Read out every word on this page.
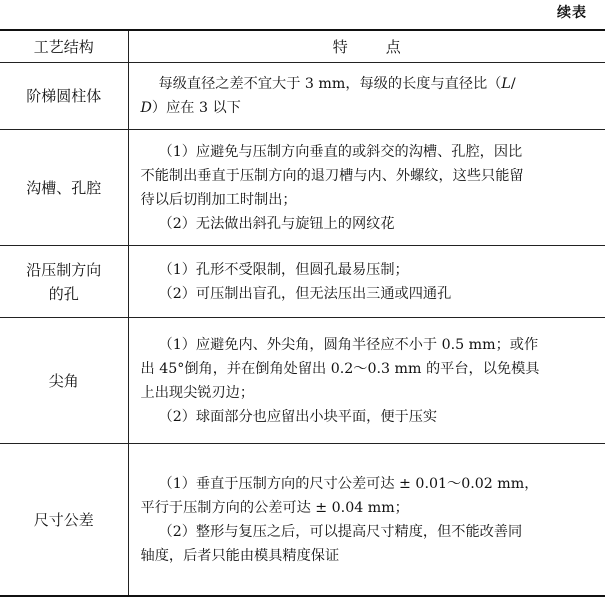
续表
工艺结构	特 点
阶梯圆柱体	每级直径之差不宜大于 3 mm，每级的长度与直径比（L/
D）应在 3 以下

沟槽、孔腔	（1）应避免与压制方向垂直的或斜交的沟槽、孔腔，因比
不能制出垂直于压制方向的退刀槽与内、外螺纹，这些只能留
待以后切削加工时制出；
（2）无法做出斜孔与旋钮上的网纹花

沿压制方向
的孔	（1）孔形不受限制，但圆孔最易压制；
（2）可压制出盲孔，但无法压出三通或四通孔

尖角	（1）应避免内、外尖角，圆角半径应不小于 0.5 mm；或作
出 45°倒角，并在倒角处留出 0.2～0.3 mm 的平台，以免模具
上出现尖锐刃边；
（2）球面部分也应留出小块平面，便于压实

尺寸公差	（1）垂直于压制方向的尺寸公差可达 ± 0.01～0.02 mm，
平行于压制方向的公差可达 ± 0.04 mm；
（2）整形与复压之后，可以提高尺寸精度，但不能改善同
轴度，后者只能由模具精度保证
